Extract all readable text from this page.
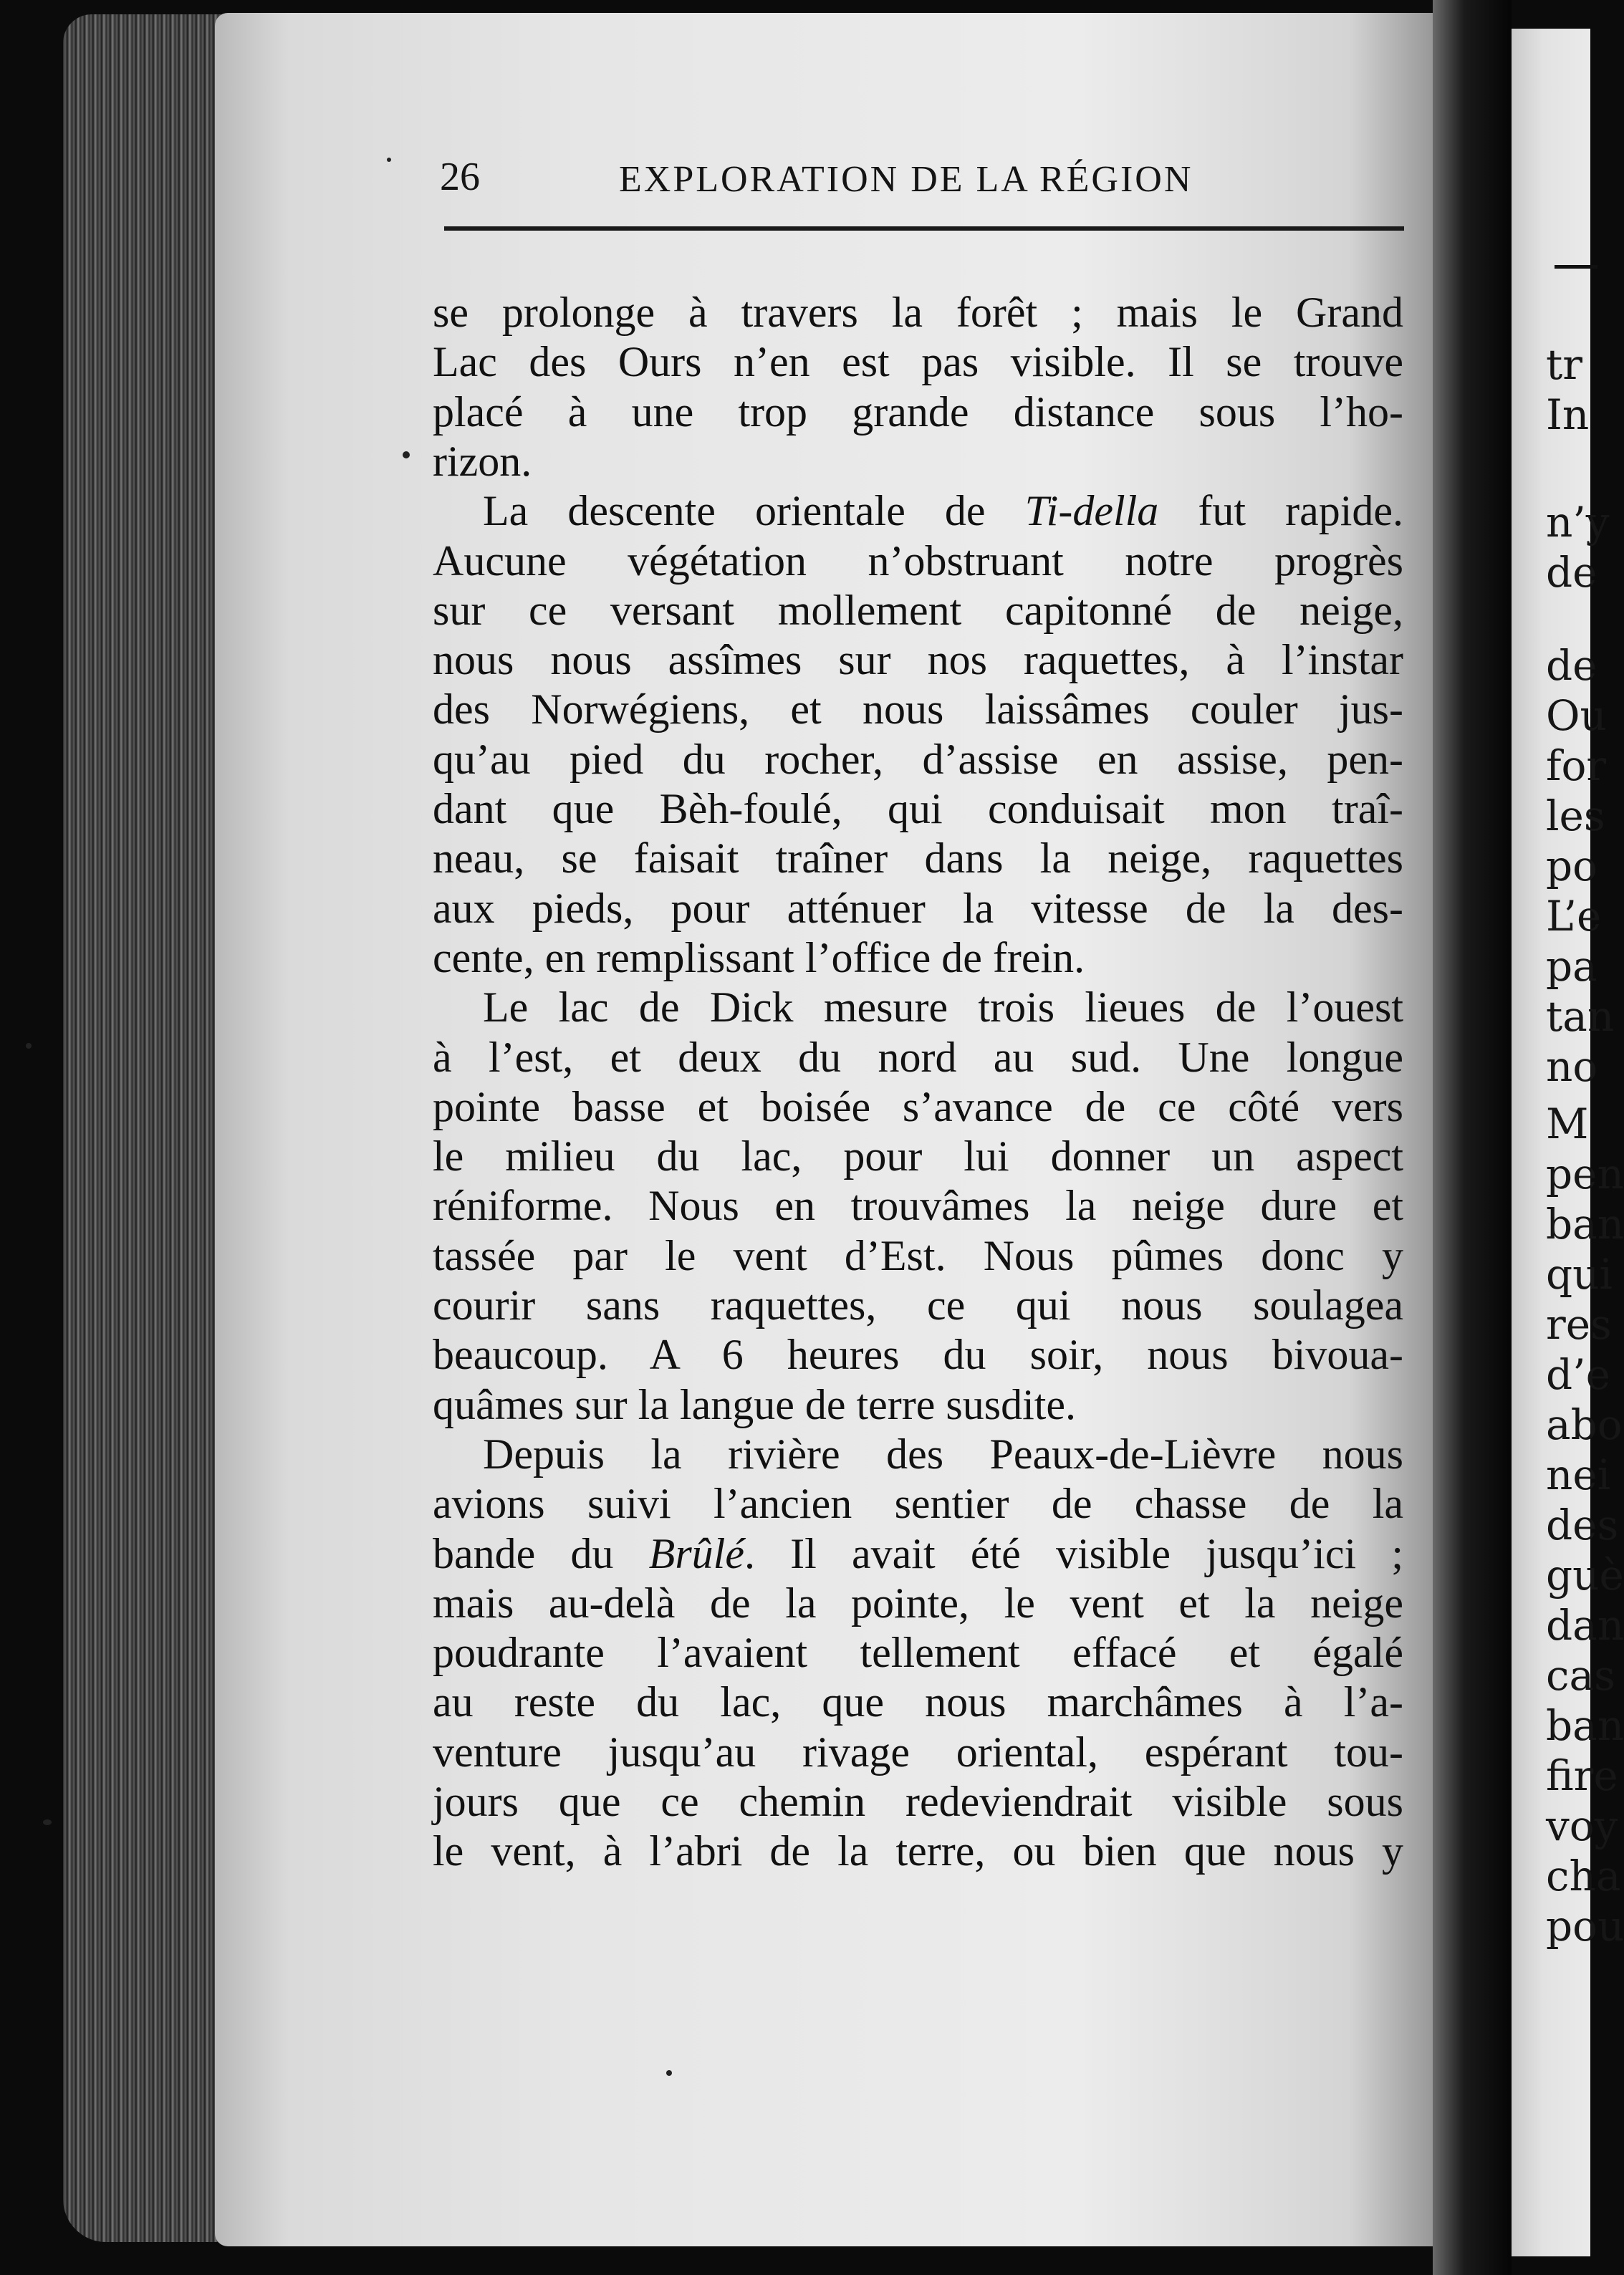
26	EXPLORATION DE LA RÉGION
se prolonge à travers la forêt ; mais le Grand
Lac des Ours n’en est pas visible. Il se trouve
placé à une trop grande distance sous l’ho-
rizon.
La descente orientale de Ti-della fut rapide.
Aucune végétation n’obstruant notre progrès
sur ce versant mollement capitonné de neige,
nous nous assîmes sur nos raquettes, à l’instar
des Norwégiens, et nous laissâmes couler jus-
qu’au pied du rocher, d’assise en assise, pen-
dant que Bèh-foulé, qui conduisait mon traî-
neau, se faisait traîner dans la neige, raquettes
aux pieds, pour atténuer la vitesse de la des-
cente, en remplissant l’office de frein.
Le lac de Dick mesure trois lieues de l’ouest
à l’est, et deux du nord au sud. Une longue
pointe basse et boisée s’avance de ce côté vers
le milieu du lac, pour lui donner un aspect
réniforme. Nous en trouvâmes la neige dure et
tassée par le vent d’Est. Nous pûmes donc y
courir sans raquettes, ce qui nous soulagea
beaucoup. A 6 heures du soir, nous bivoua-
quâmes sur la langue de terre susdite.
Depuis la rivière des Peaux-de-Lièvre nous
avions suivi l’ancien sentier de chasse de la
bande du Brûlé. Il avait été visible jusqu’ici ;
mais au-delà de la pointe, le vent et la neige
poudrante l’avaient tellement effacé et égalé
au reste du lac, que nous marchâmes à l’a-
venture jusqu’au rivage oriental, espérant tou-
jours que ce chemin redeviendrait visible sous
le vent, à l’abri de la terre, ou bien que nous y
tr
In
n’y
de
de
Ou
for
les
po
L’e
pa
tan
no
M
pen
ban
qui
res
d’e
abo
nei
des
guè
dan
cas
ban
fire
voy
cha
pou
